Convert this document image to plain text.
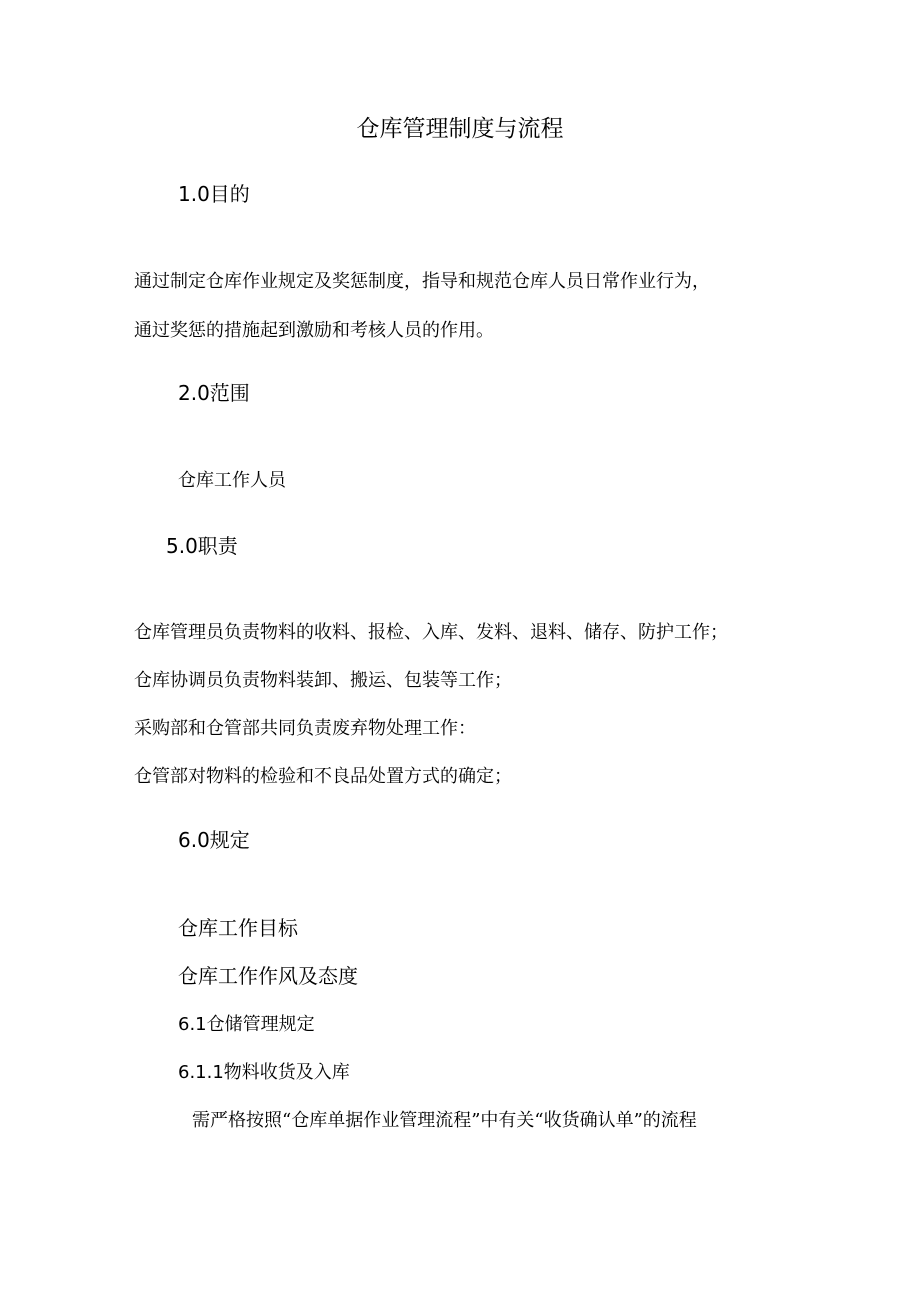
仓库管理制度与流程
1.0目的
通过制定仓库作业规定及奖惩制度，指导和规范仓库人员日常作业行为，
通过奖惩的措施起到激励和考核人员的作用。
2.0范围
仓库工作人员
5.0职责
仓库管理员负责物料的收料、报检、入库、发料、退料、储存、防护工作；
仓库协调员负责物料装卸、搬运、包装等工作；
采购部和仓管部共同负责废弃物处理工作：
仓管部对物料的检验和不良品处置方式的确定；
6.0规定
仓库工作目标
仓库工作作风及态度
6.1仓储管理规定
6.1.1物料收货及入库
需严格按照“仓库单据作业管理流程”中有关“收货确认单”的流程
